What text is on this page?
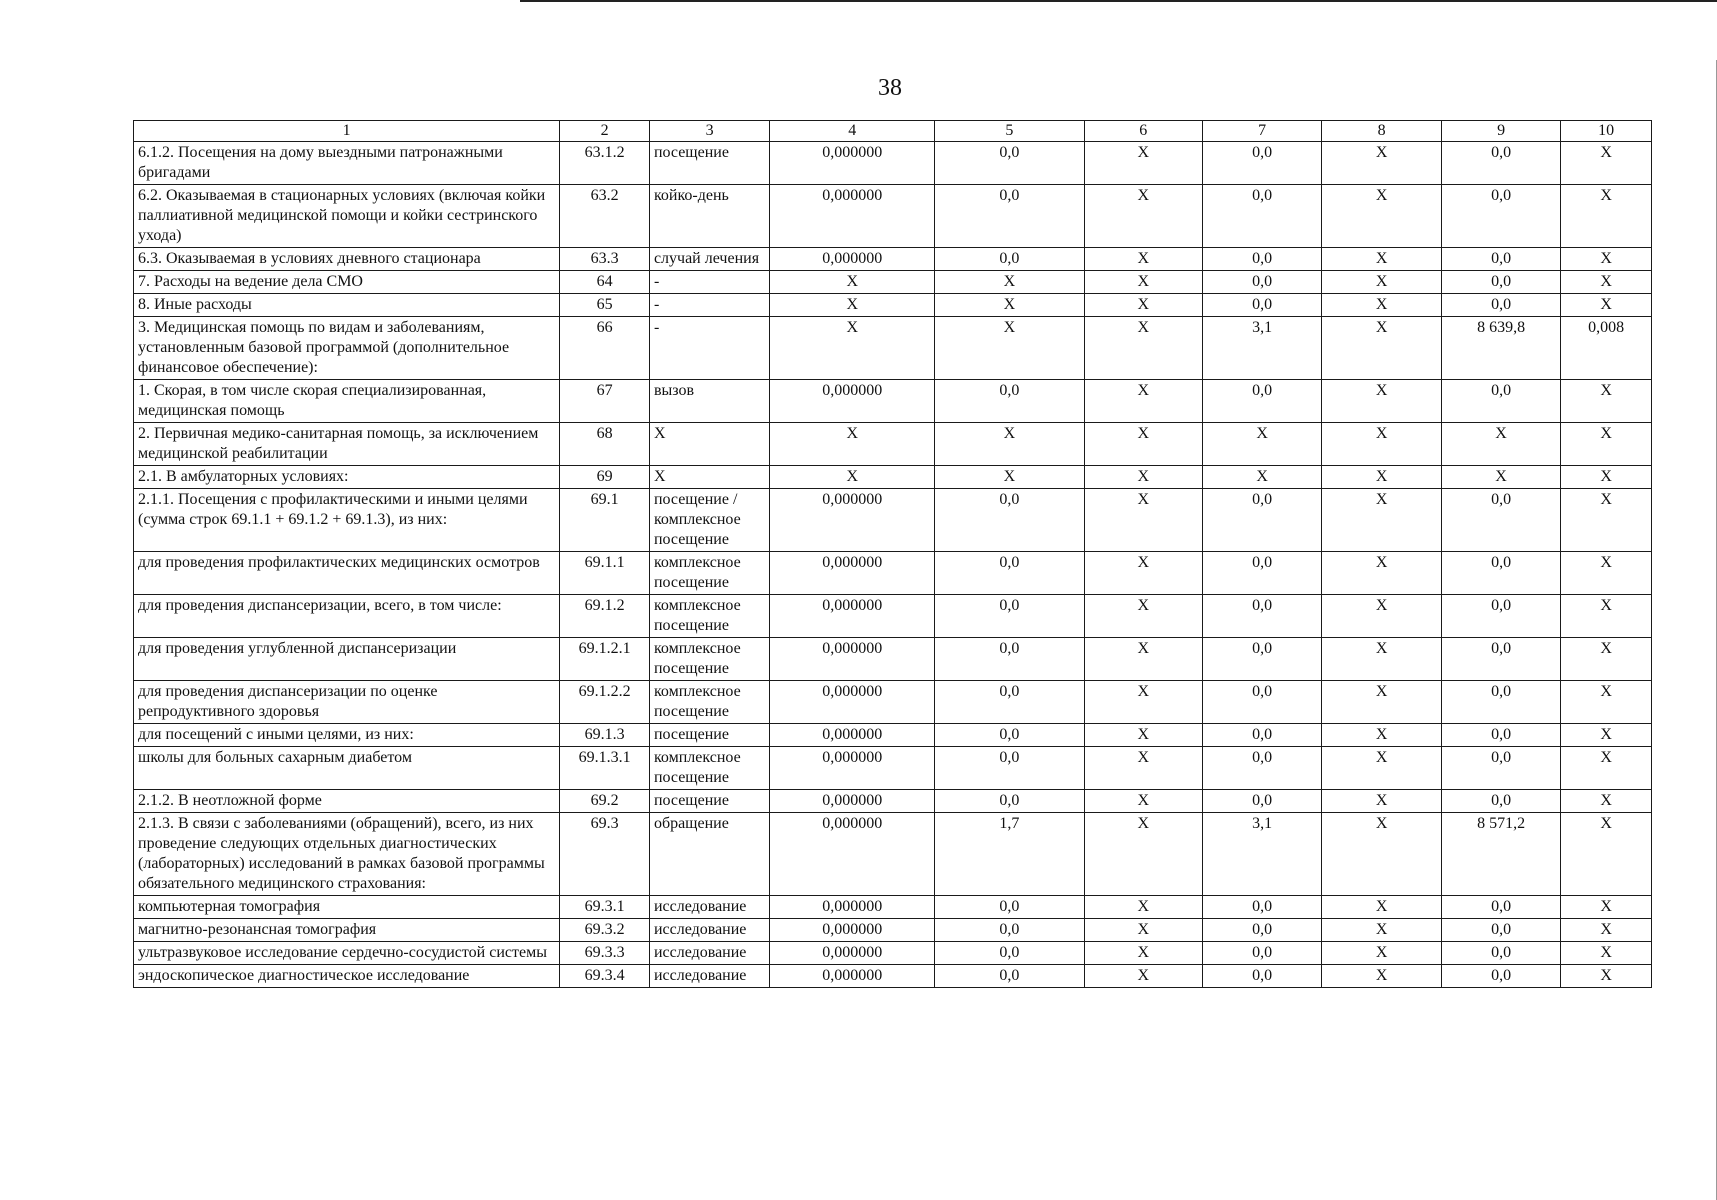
38
1	2	3	4	5	6	7	8	9	10
6.1.2. Посещения на дому выездными патронажными бригадами	63.1.2	посещение	0,000000	0,0	X	0,0	X	0,0	X
6.2. Оказываемая в стационарных условиях (включая койки паллиативной медицинской помощи и койки сестринского ухода)	63.2	койко-день	0,000000	0,0	X	0,0	X	0,0	X
6.3. Оказываемая в условиях дневного стационара	63.3	случай лечения	0,000000	0,0	X	0,0	X	0,0	X
7. Расходы на ведение дела СМО	64	-	X	X	X	0,0	X	0,0	X
8. Иные расходы	65	-	X	X	X	0,0	X	0,0	X
3. Медицинская помощь по видам и заболеваниям, установленным базовой программой (дополнительное финансовое обеспечение):	66	-	X	X	X	3,1	X	8 639,8	0,008
1. Скорая, в том числе скорая специализированная, медицинская помощь	67	вызов	0,000000	0,0	X	0,0	X	0,0	X
2. Первичная медико-санитарная помощь, за исключением медицинской реабилитации	68	X	X	X	X	X	X	X	X
2.1. В амбулаторных условиях:	69	X	X	X	X	X	X	X	X
2.1.1. Посещения с профилактическими и иными целями (сумма строк 69.1.1 + 69.1.2 + 69.1.3), из них:	69.1	посещение / комплексное посещение	0,000000	0,0	X	0,0	X	0,0	X
для проведения профилактических медицинских осмотров	69.1.1	комплексное посещение	0,000000	0,0	X	0,0	X	0,0	X
для проведения диспансеризации, всего, в том числе:	69.1.2	комплексное посещение	0,000000	0,0	X	0,0	X	0,0	X
для проведения углубленной диспансеризации	69.1.2.1	комплексное посещение	0,000000	0,0	X	0,0	X	0,0	X
для проведения диспансеризации по оценке репродуктивного здоровья	69.1.2.2	комплексное посещение	0,000000	0,0	X	0,0	X	0,0	X
для посещений с иными целями, из них:	69.1.3	посещение	0,000000	0,0	X	0,0	X	0,0	X
школы для больных сахарным диабетом	69.1.3.1	комплексное посещение	0,000000	0,0	X	0,0	X	0,0	X
2.1.2. В неотложной форме	69.2	посещение	0,000000	0,0	X	0,0	X	0,0	X
2.1.3. В связи с заболеваниями (обращений), всего, из них проведение следующих отдельных диагностических (лабораторных) исследований в рамках базовой программы обязательного медицинского страхования:	69.3	обращение	0,000000	1,7	X	3,1	X	8 571,2	X
компьютерная томография	69.3.1	исследование	0,000000	0,0	X	0,0	X	0,0	X
магнитно-резонансная томография	69.3.2	исследование	0,000000	0,0	X	0,0	X	0,0	X
ультразвуковое исследование сердечно-сосудистой системы	69.3.3	исследование	0,000000	0,0	X	0,0	X	0,0	X
эндоскопическое диагностическое исследование	69.3.4	исследование	0,000000	0,0	X	0,0	X	0,0	X
